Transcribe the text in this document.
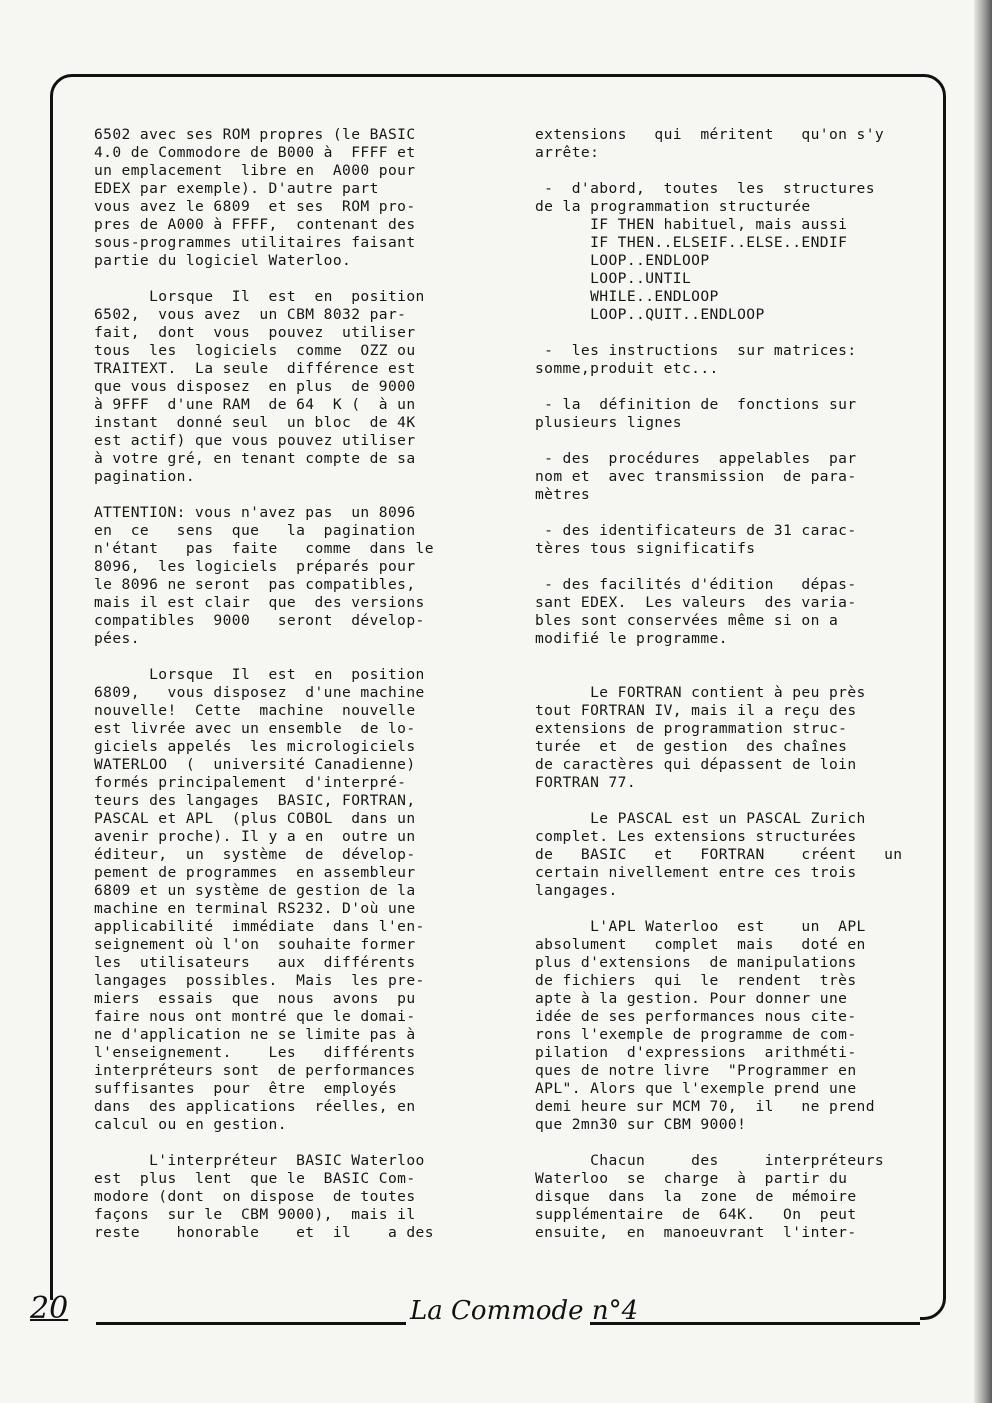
20	La Commode n°4

6502 avec ses ROM propres (le BASIC
4.0 de Commodore de B000 à  FFFF et
un emplacement  libre en  A000 pour
EDEX par exemple). D'autre part
vous avez le 6809  et ses  ROM pro-
pres de A000 à FFFF,  contenant des
sous-programmes utilitaires faisant
partie du logiciel Waterloo.

Lorsque  Il  est  en  position
6502,  vous avez  un CBM 8032 par-
fait,  dont  vous  pouvez  utiliser
tous  les  logiciels  comme  OZZ ou
TRAITEXT.  La seule  différence est
que vous disposez  en plus  de 9000
à 9FFF  d'une RAM  de 64  K (  à un
instant  donné seul  un bloc  de 4K
est actif) que vous pouvez utiliser
à votre gré, en tenant compte de sa
pagination.

ATTENTION: vous n'avez pas  un 8096
en  ce   sens  que   la  pagination
n'étant   pas  faite   comme  dans le
8096,  les logiciels  préparés pour
le 8096 ne seront  pas compatibles,
mais il est clair  que  des versions
compatibles  9000   seront  dévelop-
pées.

Lorsque  Il  est  en  position
6809,   vous disposez  d'une machine
nouvelle!  Cette  machine  nouvelle
est livrée avec un ensemble  de lo-
giciels appelés  les micrologiciels
WATERLOO  (  université Canadienne)
formés principalement  d'interpré-
teurs des langages  BASIC, FORTRAN,
PASCAL et APL  (plus COBOL  dans un
avenir proche). Il y a en  outre un
éditeur,  un  système  de  dévelop-
pement de programmes  en assembleur
6809 et un système de gestion de la
machine en terminal RS232. D'où une
applicabilité  immédiate  dans l'en-
seignement où l'on  souhaite former
les  utilisateurs   aux  différents
langages  possibles.  Mais  les pre-
miers  essais  que  nous  avons  pu
faire nous ont montré que le domai-
ne d'application ne se limite pas à
l'enseignement.    Les   différents
interpréteurs sont  de performances
suffisantes  pour  être  employés
dans  des applications  réelles, en
calcul ou en gestion.

L'interpréteur  BASIC Waterloo
est  plus  lent  que le  BASIC Com-
modore (dont  on dispose  de toutes
façons  sur le  CBM 9000),  mais il
reste    honorable    et  il    a des

extensions   qui  méritent   qu'on s'y
arrête:

-  d'abord,  toutes  les  structures
de la programmation structurée
IF THEN habituel, mais aussi
IF THEN..ELSEIF..ELSE..ENDIF
LOOP..ENDLOOP
LOOP..UNTIL
WHILE..ENDLOOP
LOOP..QUIT..ENDLOOP

-  les instructions  sur matrices:
somme,produit etc...

- la  définition de  fonctions sur
plusieurs lignes

- des  procédures  appelables  par
nom et  avec transmission  de para-
mètres

- des identificateurs de 31 carac-
tères tous significatifs

- des facilités d'édition   dépas-
sant EDEX.  Les valeurs  des varia-
bles sont conservées même si on a
modifié le programme.

Le FORTRAN contient à peu près
tout FORTRAN IV, mais il a reçu des
extensions de programmation struc-
turée  et  de gestion  des chaînes
de caractères qui dépassent de loin
FORTRAN 77.

Le PASCAL est un PASCAL Zurich
complet. Les extensions structurées
de   BASIC   et   FORTRAN    créent   un
certain nivellement entre ces trois
langages.

L'APL Waterloo  est    un  APL
absolument   complet  mais   doté en
plus d'extensions  de manipulations
de fichiers  qui  le  rendent  très
apte à la gestion. Pour donner une
idée de ses performances nous cite-
rons l'exemple de programme de com-
pilation  d'expressions  arithméti-
ques de notre livre  "Programmer en
APL". Alors que l'exemple prend une
demi heure sur MCM 70,  il   ne prend
que 2mn30 sur CBM 9000!

Chacun     des     interpréteurs
Waterloo  se  charge  à  partir du
disque  dans  la  zone  de  mémoire
supplémentaire  de  64K.   On  peut
ensuite,  en  manoeuvrant  l'inter-
